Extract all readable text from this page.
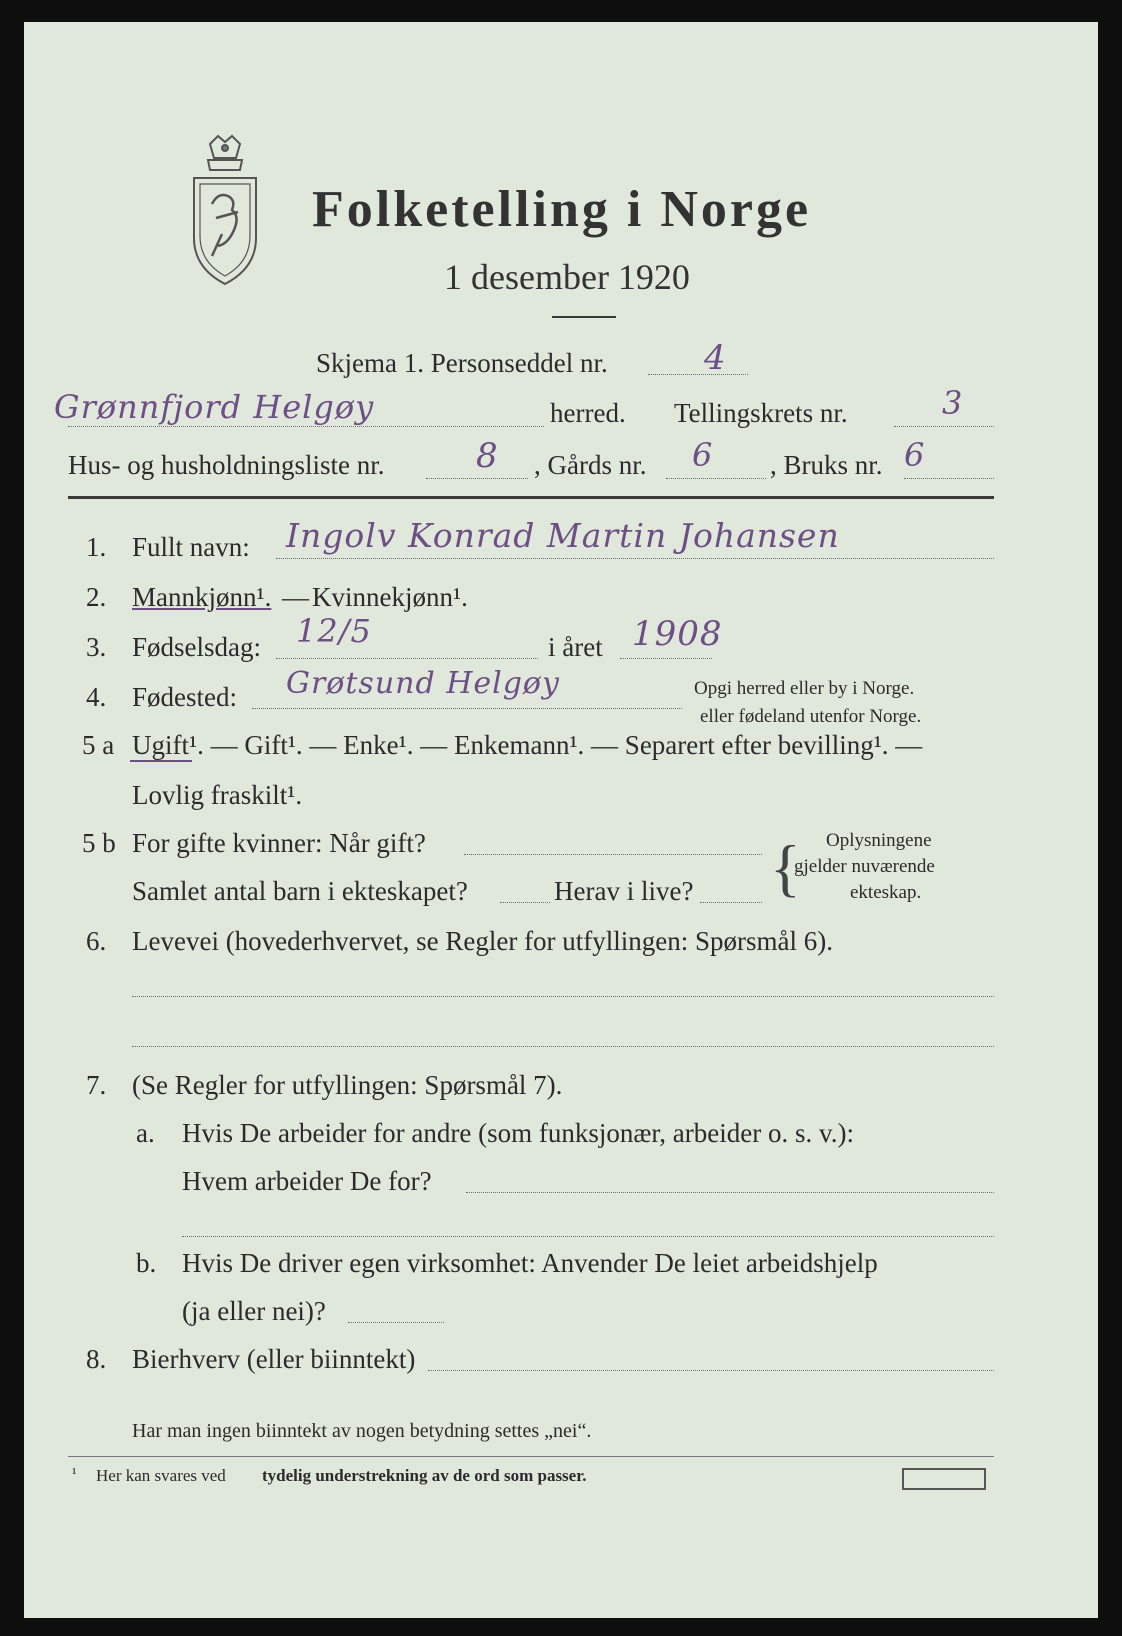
Folketelling i Norge
1 desember 1920
Skjema 1. Personseddel nr.	4
Grønnfjord Helgøy	herred. Tellingskrets nr.	3
Hus- og husholdningsliste nr.	8 , Gårds nr. 6 , Bruks nr. 6
1. Fullt navn: Ingolv Konrad Martin Johansen
2. Mannkjønn¹. — Kvinnekjønn¹.
3. Fødselsdag: 12/5	i året 1908
4. Fødested: Grøtsund Helgøy	Opgi herred eller by i Norge.
eller fødeland utenfor Norge.
5 a Ugift¹. — Gift¹. — Enke¹. — Enkemann¹. — Separert efter bevilling¹. —
Lovlig fraskilt¹.
5 b For gifte kvinner: Når gift?
Samlet antal barn i ekteskapet?	Herav i live? { Oplysningene
gjelder nuværende
ekteskap.
6. Levevei (hovederhvervet, se Regler for utfyllingen: Spørsmål 6).
7. (Se Regler for utfyllingen: Spørsmål 7).
a. Hvis De arbeider for andre (som funksjonær, arbeider o. s. v.):
Hvem arbeider De for?
b. Hvis De driver egen virksomhet: Anvender De leiet arbeidshjelp
(ja eller nei)?
8. Bierhverv (eller biinntekt)
Har man ingen biinntekt av nogen betydning settes „nei“.
¹ Her kan svares ved tydelig understrekning av de ord som passer.
